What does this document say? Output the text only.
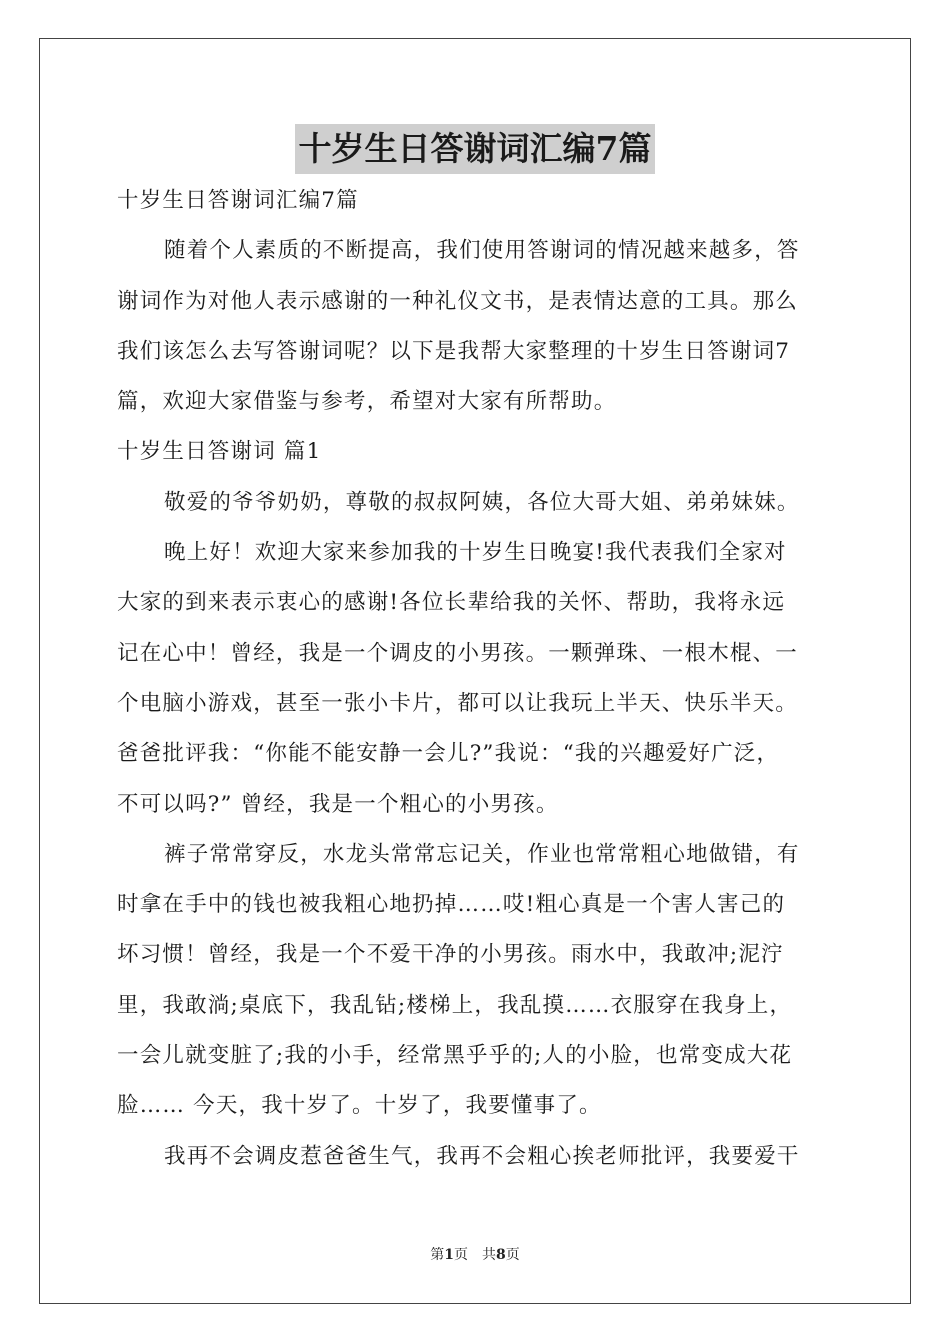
十岁生日答谢词汇编7篇

十岁生日答谢词汇编7篇

随着个人素质的不断提高，我们使用答谢词的情况越来越多，答

谢词作为对他人表示感谢的一种礼仪文书，是表情达意的工具。那么

我们该怎么去写答谢词呢？以下是我帮大家整理的十岁生日答谢词7

篇，欢迎大家借鉴与参考，希望对大家有所帮助。

十岁生日答谢词 篇1

敬爱的爷爷奶奶，尊敬的叔叔阿姨，各位大哥大姐、弟弟妹妹。

晚上好！欢迎大家来参加我的十岁生日晚宴!我代表我们全家对

大家的到来表示衷心的感谢!各位长辈给我的关怀、帮助，我将永远

记在心中！曾经，我是一个调皮的小男孩。一颗弹珠、一根木棍、一

个电脑小游戏，甚至一张小卡片，都可以让我玩上半天、快乐半天。

爸爸批评我：“你能不能安静一会儿?”我说：“我的兴趣爱好广泛，

不可以吗?” 曾经，我是一个粗心的小男孩。

裤子常常穿反，水龙头常常忘记关，作业也常常粗心地做错，有

时拿在手中的钱也被我粗心地扔掉……哎!粗心真是一个害人害己的

坏习惯！曾经，我是一个不爱干净的小男孩。雨水中，我敢冲;泥泞

里，我敢淌;桌底下，我乱钻;楼梯上，我乱摸……衣服穿在我身上，

一会儿就变脏了;我的小手，经常黑乎乎的;人的小脸，也常变成大花

脸…… 今天，我十岁了。十岁了，我要懂事了。

我再不会调皮惹爸爸生气，我再不会粗心挨老师批评，我要爱干

第1页　共8页
